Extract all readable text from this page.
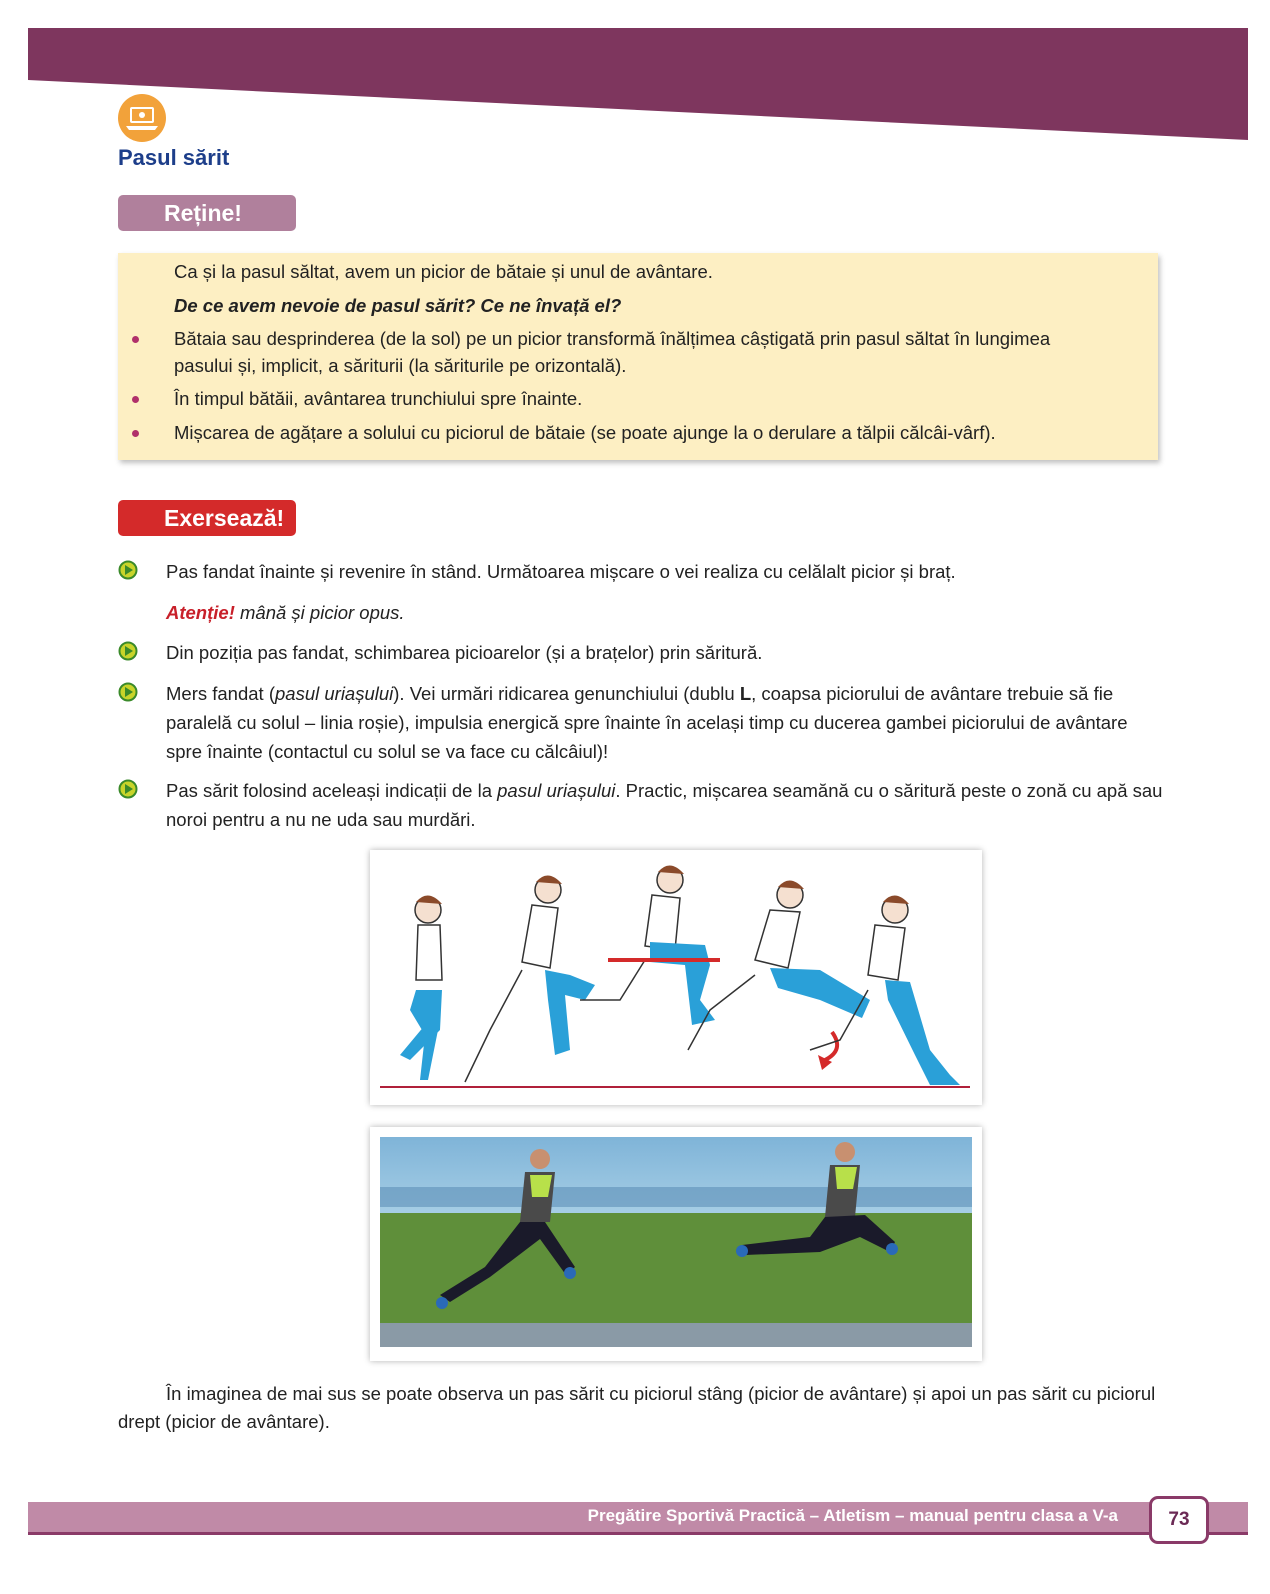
Pasul sărit
Reține!

Ca și la pasul săltat, avem un picior de bătaie și unul de avântare.

De ce avem nevoie de pasul sărit? Ce ne învață el?

Bătaia sau desprinderea (de la sol) pe un picior transformă înălțimea câștigată prin pasul săltat în lungimea

pasului și, implicit, a săriturii (la săriturile pe orizontală).

În timpul bătăii, avântarea trunchiului spre înainte.

Mișcarea de agățare a solului cu piciorul de bătaie (se poate ajunge la o derulare a tălpii călcâi-vârf).

Exersează!
Pas fandat înainte și revenire în stând. Următoarea mișcare o vei realiza cu celălalt picior și braț.
Atenție! mână și picior opus.
Din poziția pas fandat, schimbarea picioarelor (și a brațelor) prin săritură.
Mers fandat (pasul uriașului). Vei urmări ridicarea genunchiului (dublu L, coapsa piciorului de avântare trebuie să fie paralelă cu solul – linia roșie), impulsia energică spre înainte în același timp cu ducerea gambei piciorului de avântare spre înainte (contactul cu solul se va face cu călcâiul)!
Pas sărit folosind aceleași indicații de la pasul uriașului. Practic, mișcarea seamănă cu o săritură peste o zonă cu apă sau noroi pentru a nu ne uda sau murdări.
În imaginea de mai sus se poate observa un pas sărit cu piciorul stâng (picior de avântare) și apoi un pas sărit cu piciorul drept (picior de avântare).
Pregătire Sportivă Practică – Atletism – manual pentru clasa a V-a	73
